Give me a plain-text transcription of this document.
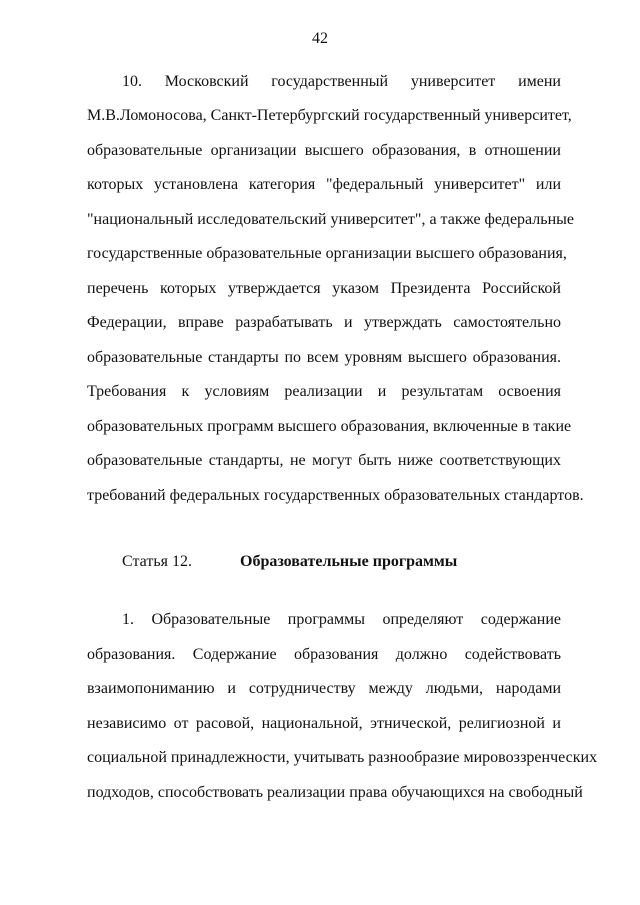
42
10. Московский государственный университет имени
М.В.Ломоносова, Санкт-Петербургский государственный университет,
образовательные организации высшего образования, в отношении
которых установлена категория "федеральный университет" или
"национальный исследовательский университет", а также федеральные
государственные образовательные организации высшего образования,
перечень которых утверждается указом Президента Российской
Федерации, вправе разрабатывать и утверждать самостоятельно
образовательные стандарты по всем уровням высшего образования.
Требования к условиям реализации и результатам освоения
образовательных программ высшего образования, включенные в такие
образовательные стандарты, не могут быть ниже соответствующих
требований федеральных государственных образовательных стандартов.
Статья 12.	Образовательные программы
1. Образовательные программы определяют содержание
образования. Содержание образования должно содействовать
взаимопониманию и сотрудничеству между людьми, народами
независимо от расовой, национальной, этнической, религиозной и
социальной принадлежности, учитывать разнообразие мировоззренческих
подходов, способствовать реализации права обучающихся на свободный
